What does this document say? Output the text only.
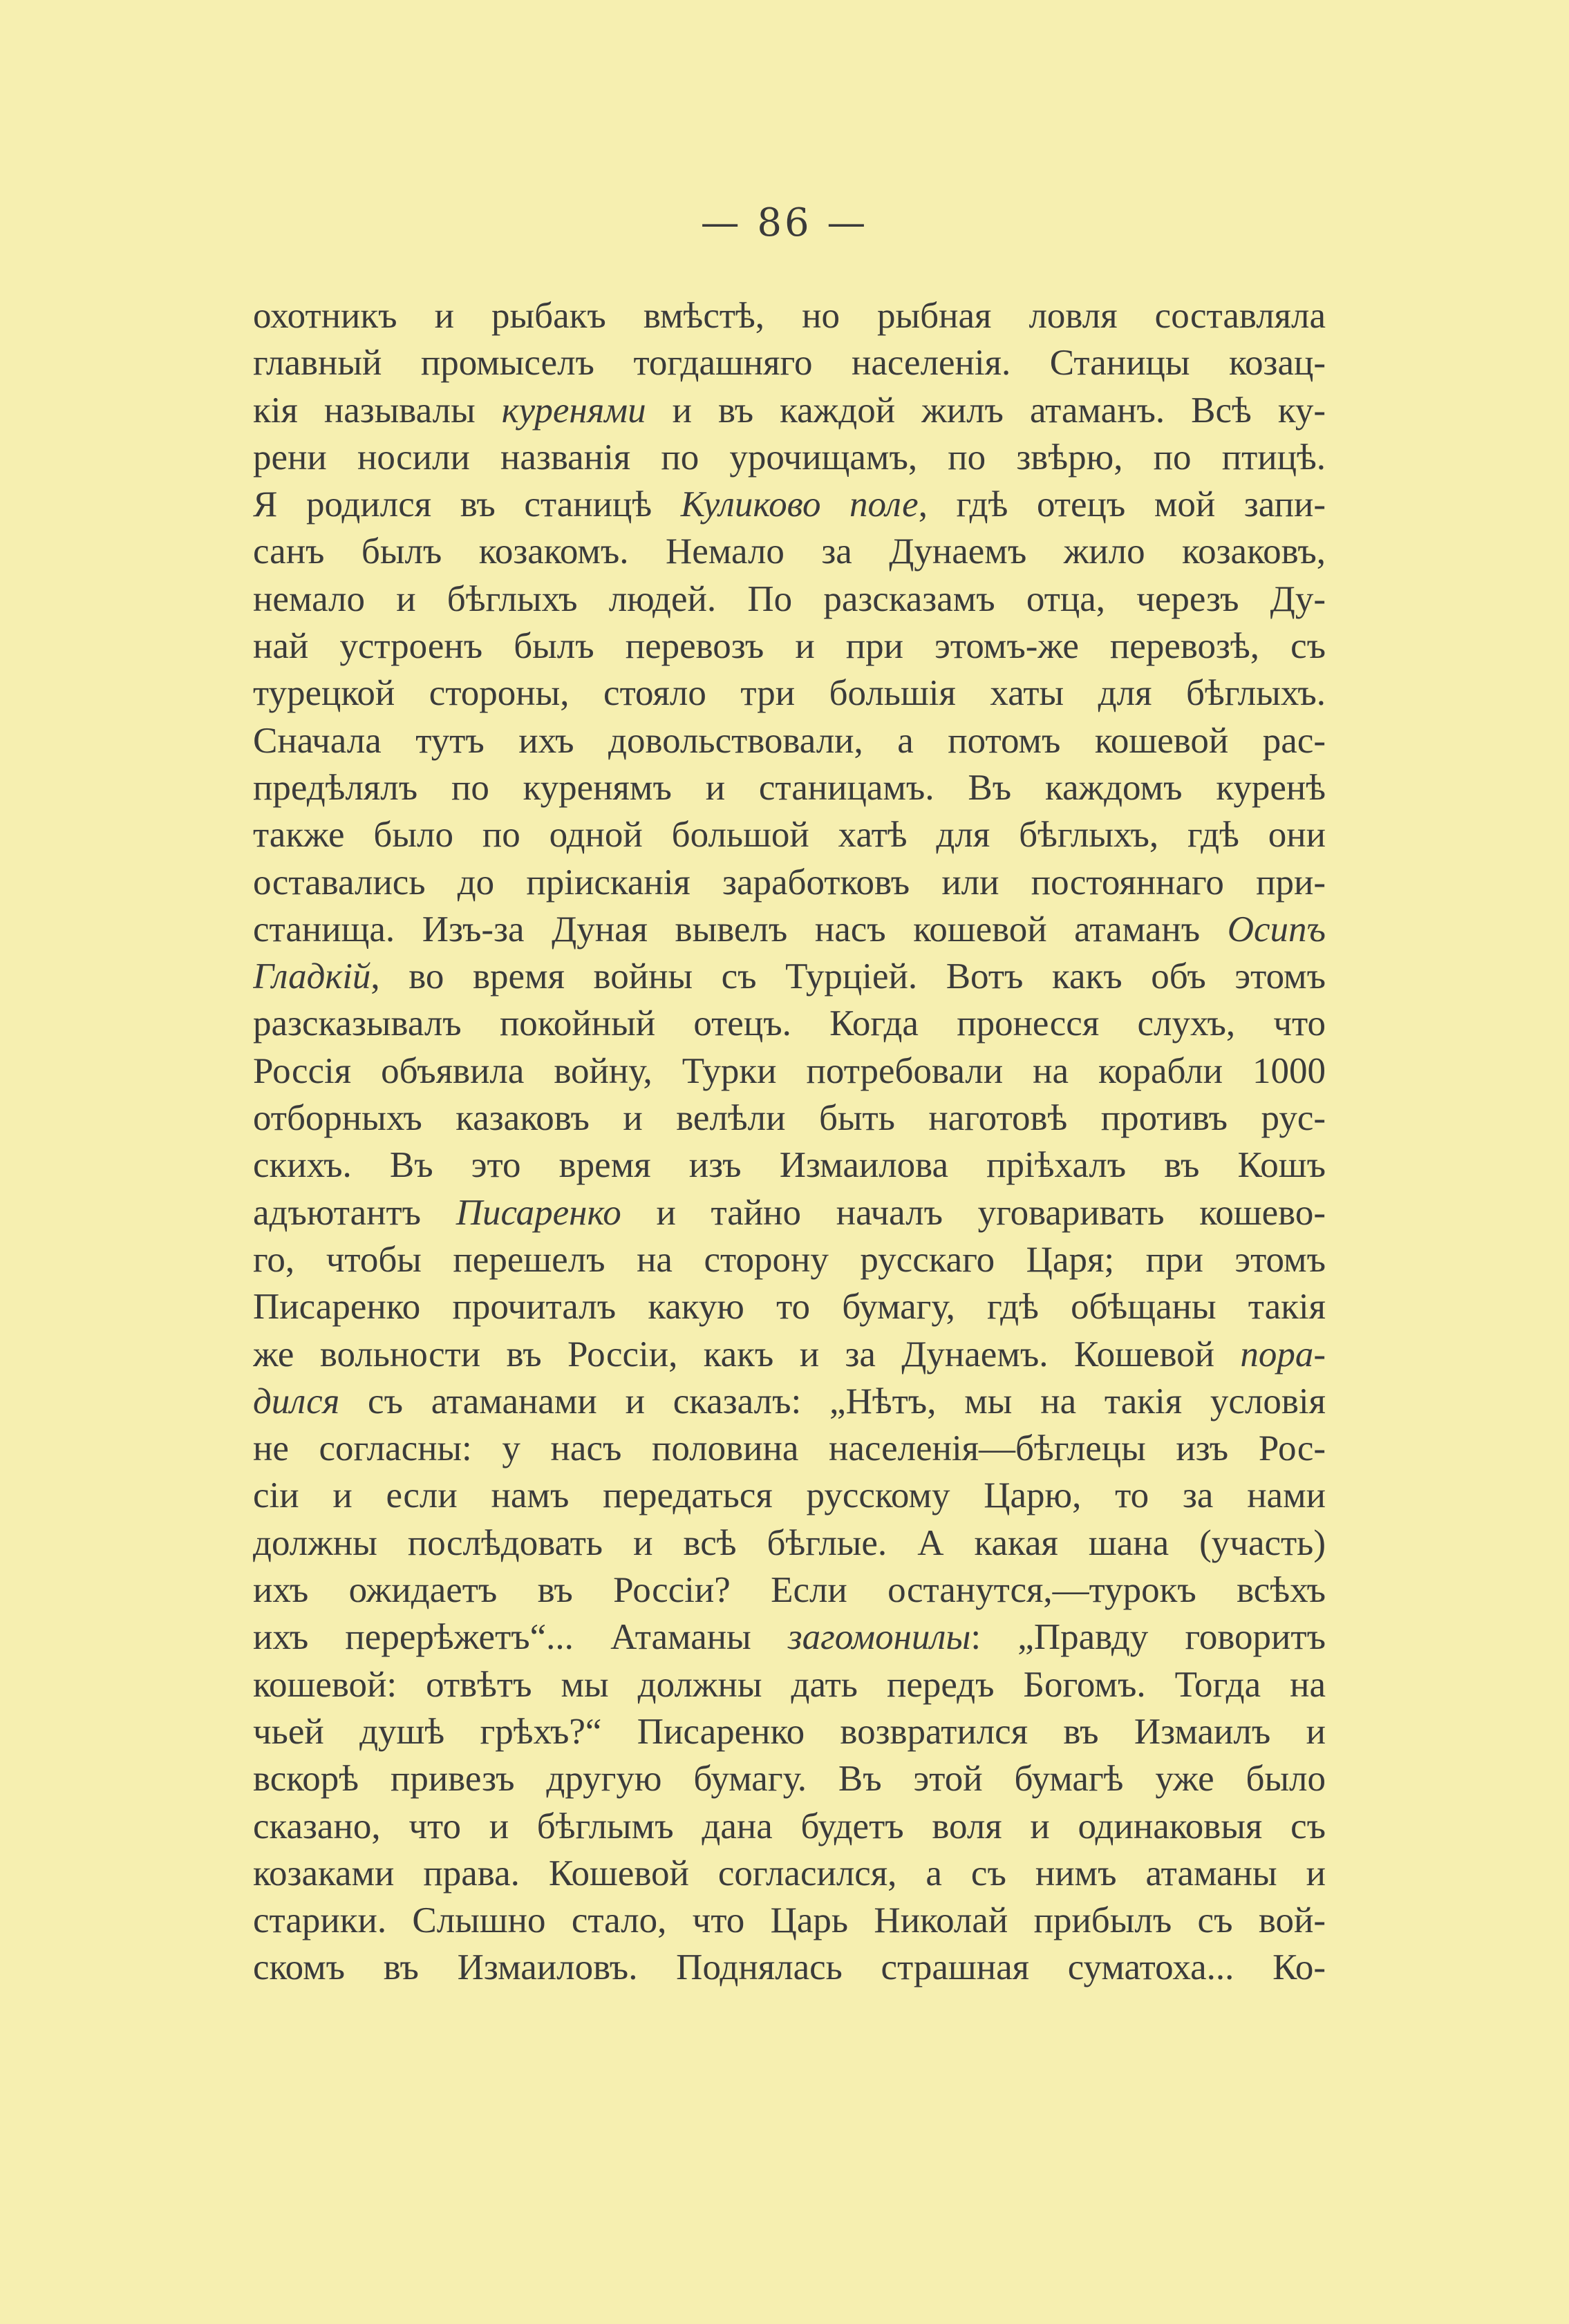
— 86 —
охотникъ и рыбакъ вмѣстѣ, но рыбная ловля составляла
главный промыселъ тогдашняго населенія. Станицы козац-
кія называлы куренями и въ каждой жилъ атаманъ. Всѣ ку-
рени носили названія по урочищамъ, по звѣрю, по птицѣ.
Я родился въ станицѣ Куликово поле, гдѣ отецъ мой запи-
санъ былъ козакомъ. Немало за Дунаемъ жило козаковъ,
немало и бѣглыхъ людей. По разсказамъ отца, черезъ Ду-
най устроенъ былъ перевозъ и при этомъ-же перевозѣ, съ
турецкой стороны, стояло три большія хаты для бѣглыхъ.
Сначала тутъ ихъ довольствовали, а потомъ кошевой рас-
предѣлялъ по куренямъ и станицамъ. Въ каждомъ куренѣ
также было по одной большой хатѣ для бѣглыхъ, гдѣ они
оставались до пріисканія заработковъ или постояннаго при-
станища. Изъ-за Дуная вывелъ насъ кошевой атаманъ Осипъ
Гладкій, во время войны съ Турціей. Вотъ какъ объ этомъ
разсказывалъ покойный отецъ. Когда пронесся слухъ, что
Россія объявила войну, Турки потребовали на корабли 1000
отборныхъ казаковъ и велѣли быть наготовѣ противъ рус-
скихъ. Въ это время изъ Измаилова пріѣхалъ въ Кошъ
адъютантъ Писаренко и тайно началъ уговаривать кошево-
го, чтобы перешелъ на сторону русскаго Царя; при этомъ
Писаренко прочиталъ какую то бумагу, гдѣ обѣщаны такія
же вольности въ Россіи, какъ и за Дунаемъ. Кошевой пора-
дился съ атаманами и сказалъ: „Нѣтъ, мы на такія условія
не согласны: у насъ половина населенія—бѣглецы изъ Рос-
сіи и если намъ передаться русскому Царю, то за нами
должны послѣдовать и всѣ бѣглые. А какая шана (участь)
ихъ ожидаетъ въ Россіи? Если останутся,—турокъ всѣхъ
ихъ перерѣжетъ“... Атаманы загомонилы: „Правду говоритъ
кошевой: отвѣтъ мы должны дать передъ Богомъ. Тогда на
чьей душѣ грѣхъ?“ Писаренко возвратился въ Измаилъ и
вскорѣ привезъ другую бумагу. Въ этой бумагѣ уже было
сказано, что и бѣглымъ дана будетъ воля и одинаковыя съ
козаками права. Кошевой согласился, а съ нимъ атаманы и
старики. Слышно стало, что Царь Николай прибылъ съ вой-
скомъ въ Измаиловъ. Поднялась страшная суматоха... Ко-
